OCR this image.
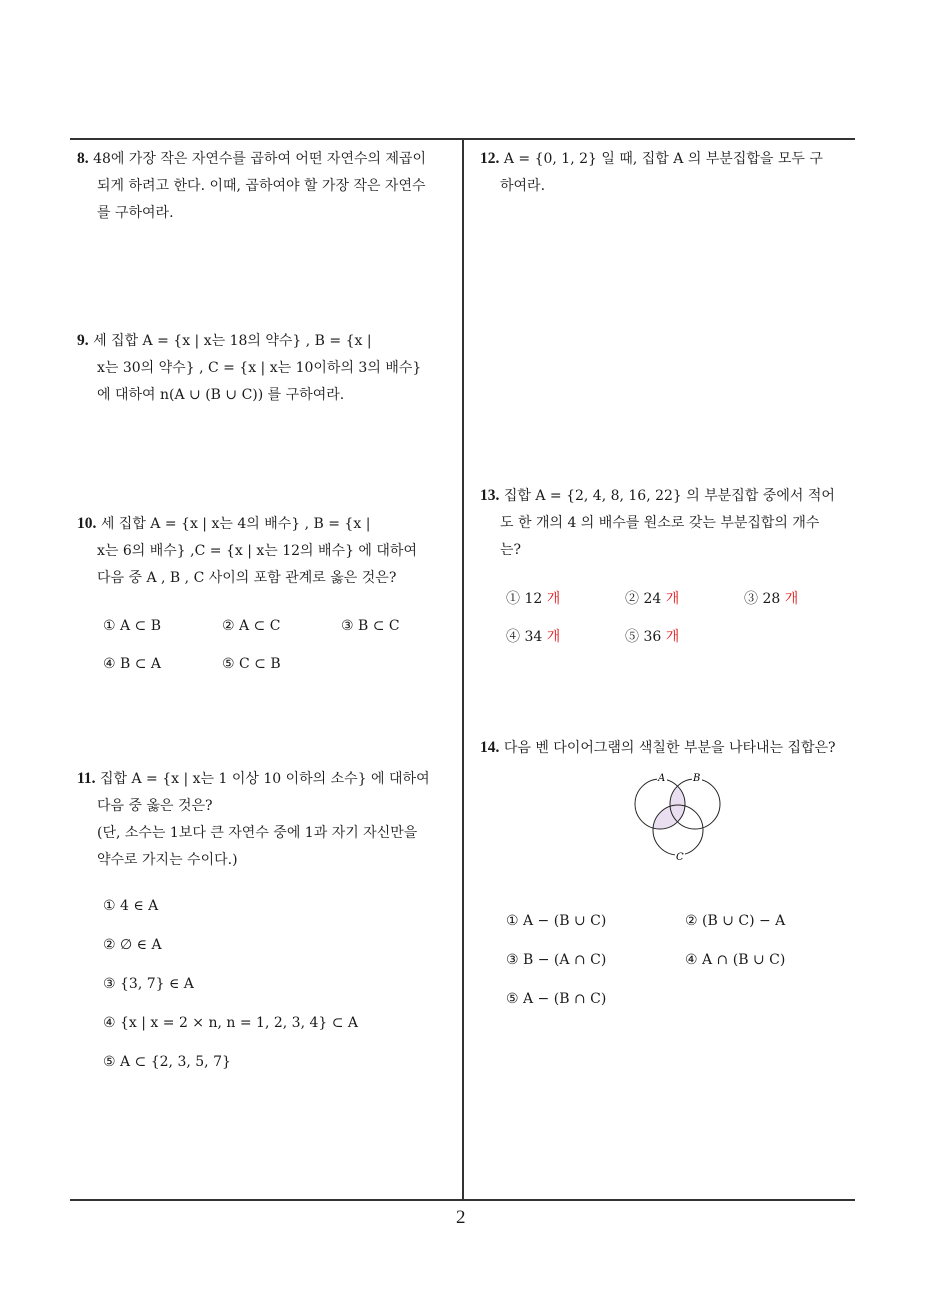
8. 48에 가장 작은 자연수를 곱하여 어떤 자연수의 제곱이
되게 하려고 한다. 이때, 곱하여야 할 가장 작은 자연수
를 구하여라.
9. 세 집합 A = {x | x는 18의 약수} , B = {x |
x는 30의 약수} , C = {x | x는 10이하의 3의 배수}
에 대하여 n(A ∪ (B ∪ C)) 를 구하여라.
10. 세 집합 A = {x | x는 4의 배수} , B = {x |
x는 6의 배수} ,C = {x | x는 12의 배수} 에 대하여
다음 중 A , B , C 사이의 포함 관계로 옳은 것은?
① A ⊂ B	② A ⊂ C	③ B ⊂ C
④ B ⊂ A	⑤ C ⊂ B
11. 집합 A = {x | x는 1 이상 10 이하의 소수} 에 대하여
다음 중 옳은 것은?
(단, 소수는 1보다 큰 자연수 중에 1과 자기 자신만을
약수로 가지는 수이다.)
① 4 ∈ A
② ∅ ∈ A
③ {3, 7} ∈ A
④ {x | x = 2 × n, n = 1, 2, 3, 4} ⊂ A
⑤ A ⊂ {2, 3, 5, 7}
12. A = {0, 1, 2} 일 때, 집합 A 의 부분집합을 모두 구
하여라.
13. 집합 A = {2, 4, 8, 16, 22} 의 부분집합 중에서 적어
도 한 개의 4 의 배수를 원소로 갖는 부분집합의 개수
는?
① 12 개	② 24 개	③ 28 개
④ 34 개	⑤ 36 개
14. 다음 벤 다이어그램의 색칠한 부분을 나타내는 집합은?
A	B
C
① A − (B ∪ C)	② (B ∪ C) − A
③ B − (A ∩ C)	④ A ∩ (B ∪ C)
⑤ A − (B ∩ C)
2
